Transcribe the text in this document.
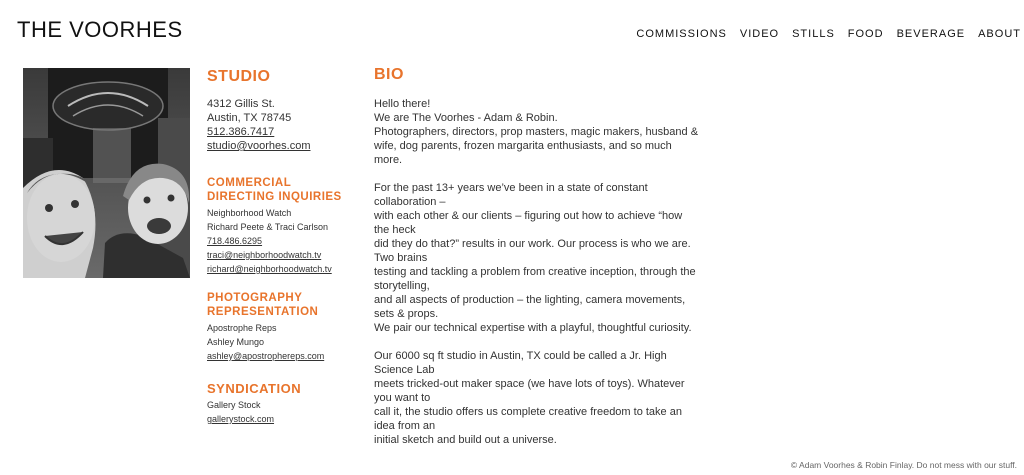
THE VOORHES	COMMISSIONS VIDEO STILLS FOOD BEVERAGE ABOUT
STUDIO
4312 Gillis St.
Austin, TX 78745
512.386.7417
studio@voorhes.com
COMMERCIAL
DIRECTING INQUIRIES
Neighborhood Watch
Richard Peete & Traci Carlson
718.486.6295
traci@neighborhoodwatch.tv
richard@neighborhoodwatch.tv
PHOTOGRAPHY
REPRESENTATION
Apostrophe Reps
Ashley Mungo
ashley@apostrophereps.com
SYNDICATION
Gallery Stock
gallerystock.com
BIO

Hello there!
We are The Voorhes - Adam & Robin.
Photographers, directors, prop masters, magic makers, husband &
wife, dog parents, frozen margarita enthusiasts, and so much
more.

For the past 13+ years we’ve been in a state of constant
collaboration –
with each other & our clients – figuring out how to achieve “how
the heck
did they do that?” results in our work. Our process is who we are.
Two brains
testing and tackling a problem from creative inception, through the
storytelling,
and all aspects of production – the lighting, camera movements,
sets & props.
We pair our technical expertise with a playful, thoughtful curiosity.

Our 6000 sq ft studio in Austin, TX could be called a Jr. High
Science Lab
meets tricked-out maker space (we have lots of toys). Whatever
you want to
call it, the studio offers us complete creative freedom to take an
idea from an
initial sketch and build out a universe.

© Adam Voorhes & Robin Finlay. Do not mess with our stuff.
